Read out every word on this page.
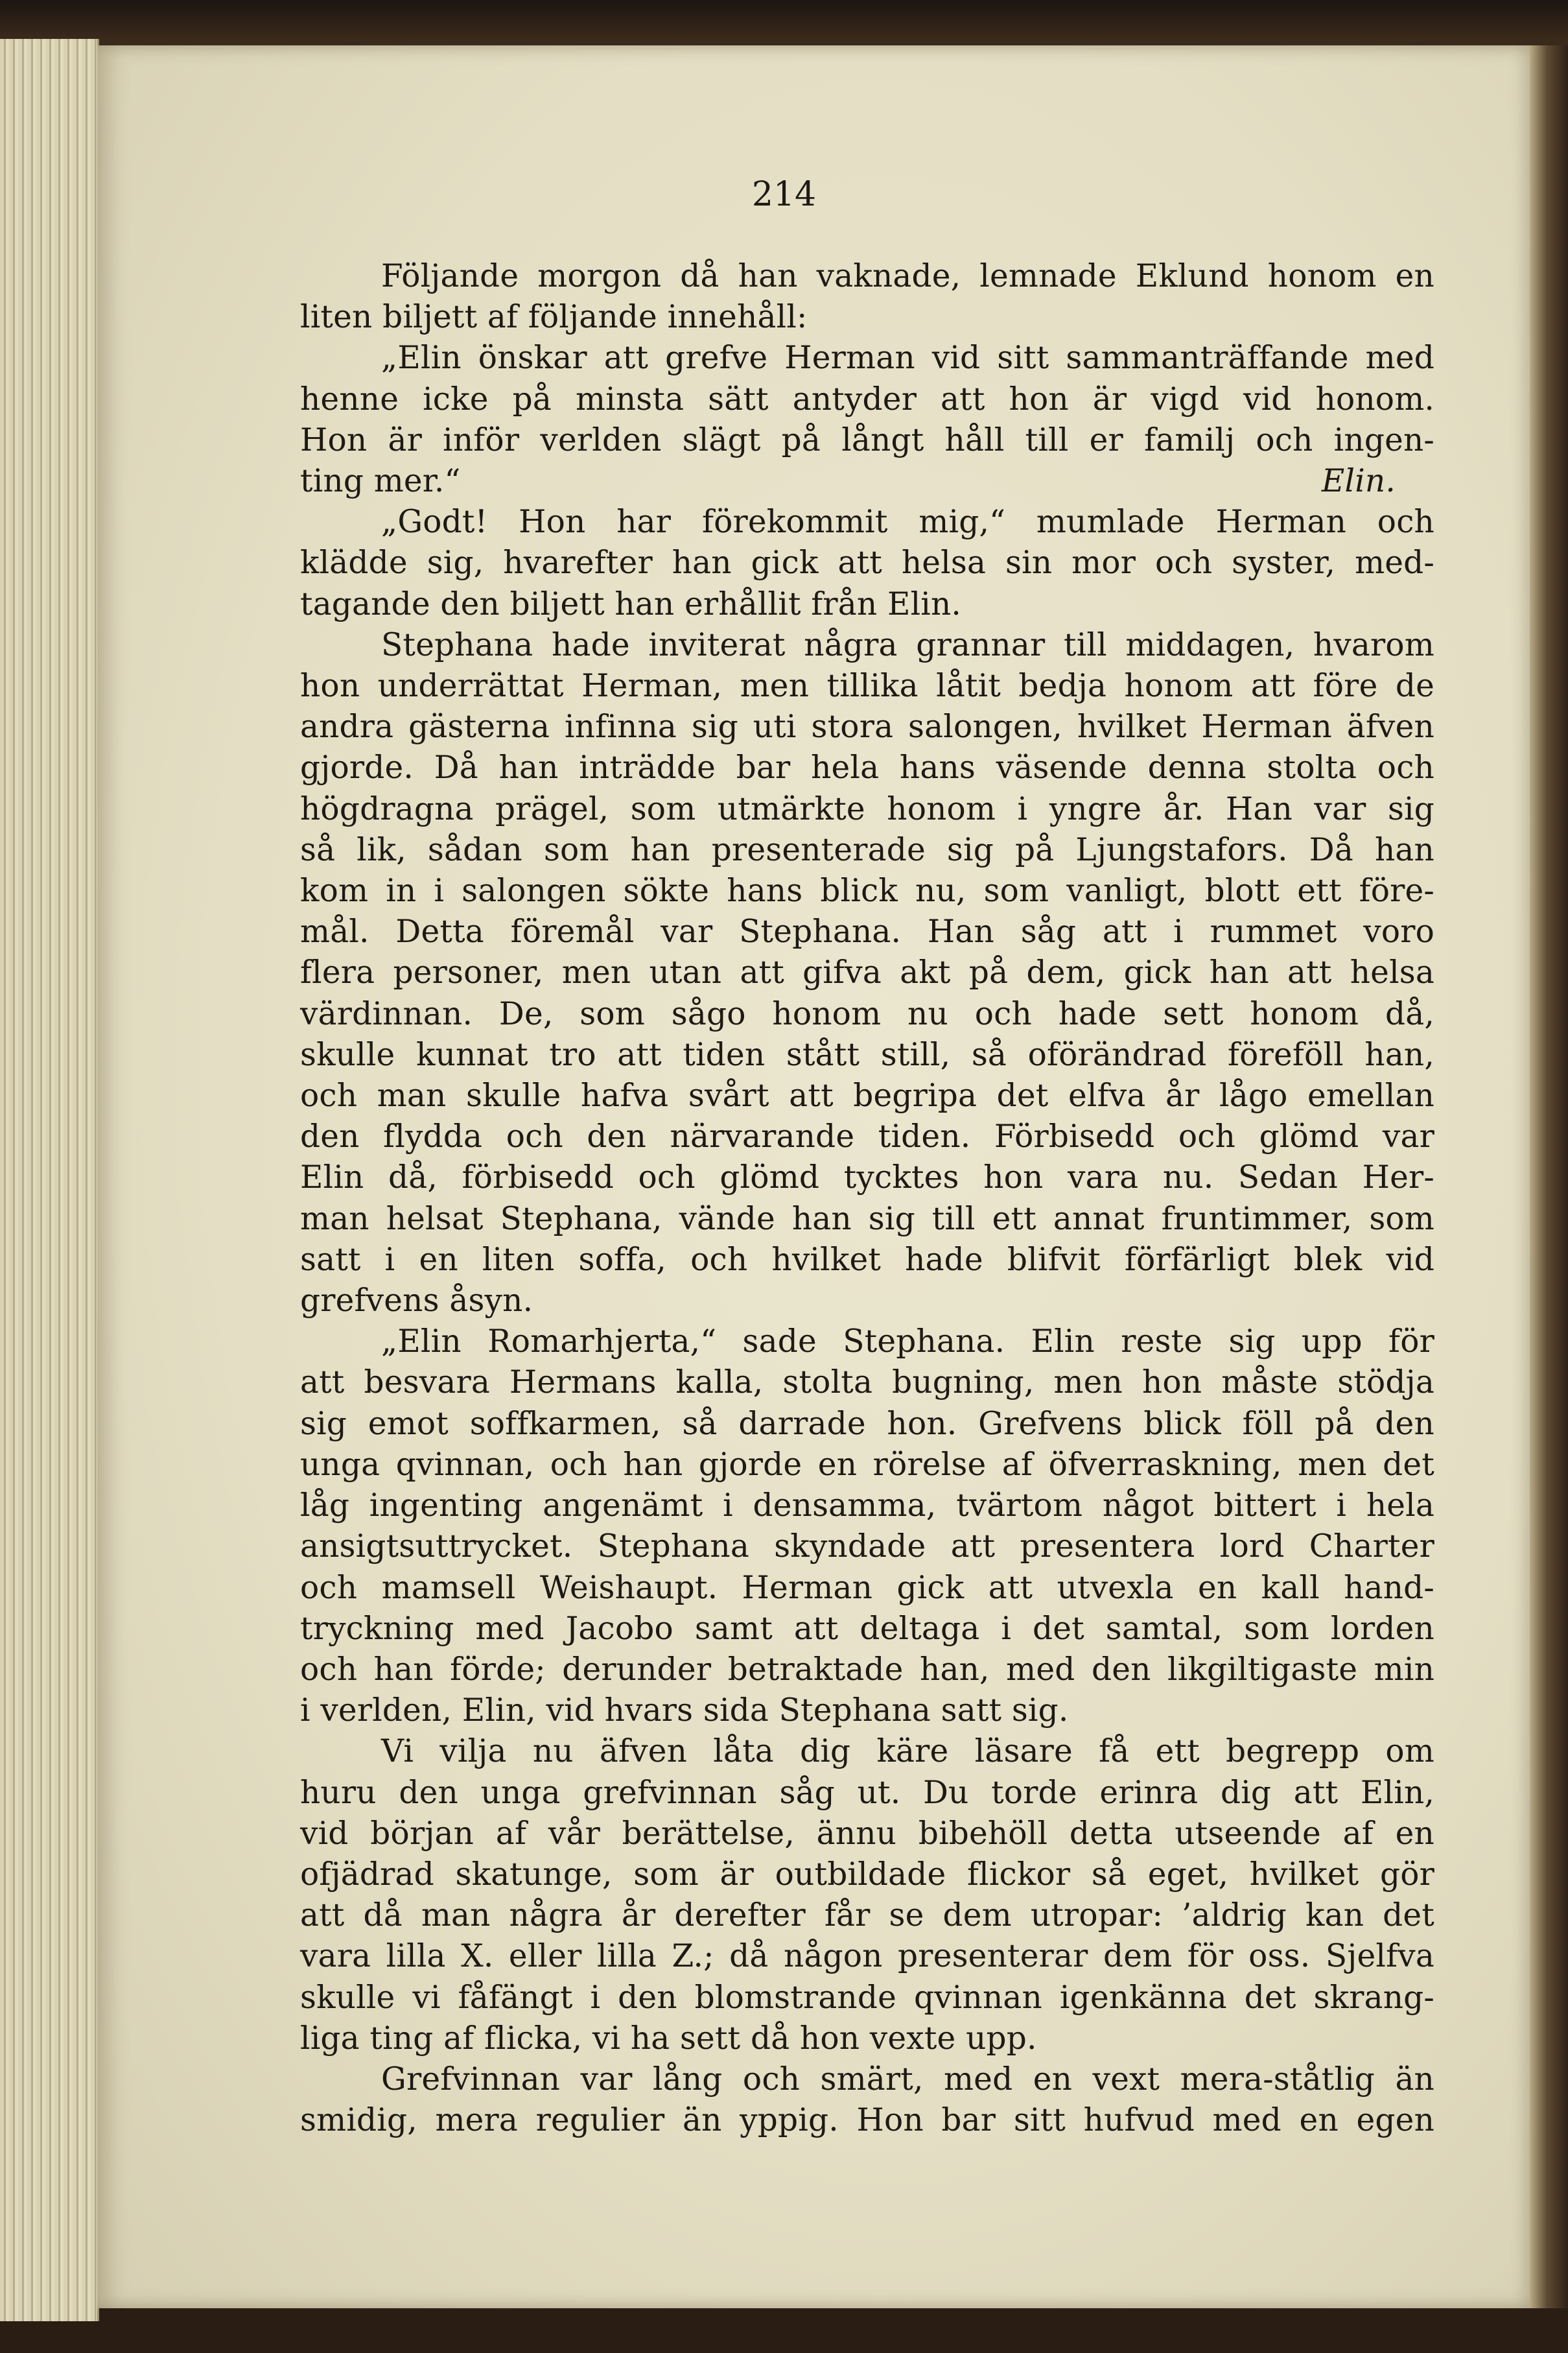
214
Följande morgon då han vaknade, lemnade Eklund honom en
liten biljett af följande innehåll:
„Elin önskar att grefve Herman vid sitt sammanträffande med
henne icke på minsta sätt antyder att hon är vigd vid honom.
Hon är inför verlden slägt på långt håll till er familj och ingen-
ting mer.“	Elin.
„Godt! Hon har förekommit mig,“ mumlade Herman och
klädde sig, hvarefter han gick att helsa sin mor och syster, med-
tagande den biljett han erhållit från Elin.
Stephana hade inviterat några grannar till middagen, hvarom
hon underrättat Herman, men tillika låtit bedja honom att före de
andra gästerna infinna sig uti stora salongen, hvilket Herman äfven
gjorde. Då han inträdde bar hela hans väsende denna stolta och
högdragna prägel, som utmärkte honom i yngre år. Han var sig
så lik, sådan som han presenterade sig på Ljungstafors. Då han
kom in i salongen sökte hans blick nu, som vanligt, blott ett före-
mål. Detta föremål var Stephana. Han såg att i rummet voro
flera personer, men utan att gifva akt på dem, gick han att helsa
värdinnan. De, som sågo honom nu och hade sett honom då,
skulle kunnat tro att tiden stått still, så oförändrad föreföll han,
och man skulle hafva svårt att begripa det elfva år lågo emellan
den flydda och den närvarande tiden. Förbisedd och glömd var
Elin då, förbisedd och glömd tycktes hon vara nu. Sedan Her-
man helsat Stephana, vände han sig till ett annat fruntimmer, som
satt i en liten soffa, och hvilket hade blifvit förfärligt blek vid
grefvens åsyn.
„Elin Romarhjerta,“ sade Stephana. Elin reste sig upp för
att besvara Hermans kalla, stolta bugning, men hon måste stödja
sig emot soffkarmen, så darrade hon. Grefvens blick föll på den
unga qvinnan, och han gjorde en rörelse af öfverraskning, men det
låg ingenting angenämt i densamma, tvärtom något bittert i hela
ansigtsuttrycket. Stephana skyndade att presentera lord Charter
och mamsell Weishaupt. Herman gick att utvexla en kall hand-
tryckning med Jacobo samt att deltaga i det samtal, som lorden
och han förde; derunder betraktade han, med den likgiltigaste min
i verlden, Elin, vid hvars sida Stephana satt sig.
Vi vilja nu äfven låta dig käre läsare få ett begrepp om
huru den unga grefvinnan såg ut. Du torde erinra dig att Elin,
vid början af vår berättelse, ännu bibehöll detta utseende af en
ofjädrad skatunge, som är outbildade flickor så eget, hvilket gör
att då man några år derefter får se dem utropar: ’aldrig kan det
vara lilla X. eller lilla Z.; då någon presenterar dem för oss. Sjelfva
skulle vi fåfängt i den blomstrande qvinnan igenkänna det skrang-
liga ting af flicka, vi ha sett då hon vexte upp.
Grefvinnan var lång och smärt, med en vext mera-ståtlig än
smidig, mera regulier än yppig. Hon bar sitt hufvud med en egen
